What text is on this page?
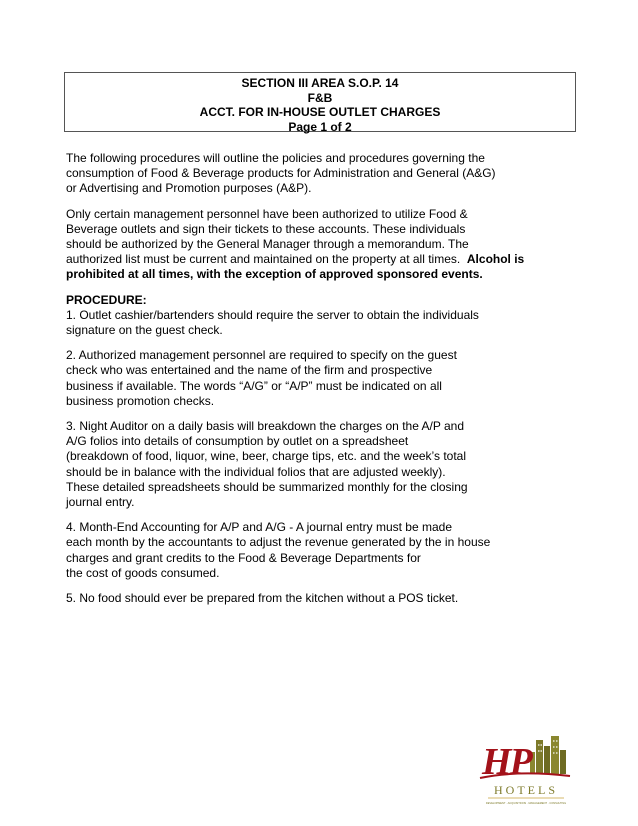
SECTION III AREA S.O.P. 14
F&B
ACCT. FOR IN-HOUSE OUTLET CHARGES
Page 1 of 2

The following procedures will outline the policies and procedures governing the
consumption of Food & Beverage products for Administration and General (A&G)
or Advertising and Promotion purposes (A&P).

Only certain management personnel have been authorized to utilize Food &
Beverage outlets and sign their tickets to these accounts. These individuals
should be authorized by the General Manager through a memorandum. The
authorized list must be current and maintained on the property at all times. Alcohol is
prohibited at all times, with the exception of approved sponsored events.

PROCEDURE:
1. Outlet cashier/bartenders should require the server to obtain the individuals
signature on the guest check.

2. Authorized management personnel are required to specify on the guest
check who was entertained and the name of the firm and prospective
business if available. The words “A/G” or “A/P” must be indicated on all
business promotion checks.

3. Night Auditor on a daily basis will breakdown the charges on the A/P and
A/G folios into details of consumption by outlet on a spreadsheet
(breakdown of food, liquor, wine, beer, charge tips, etc. and the week’s total
should be in balance with the individual folios that are adjusted weekly).
These detailed spreadsheets should be summarized monthly for the closing
journal entry.

4. Month-End Accounting for A/P and A/G - A journal entry must be made
each month by the accountants to adjust the revenue generated by the in house
charges and grant credits to the Food & Beverage Departments for
the cost of goods consumed.

5. No food should ever be prepared from the kitchen without a POS ticket.

HP
HOTELS
DEVELOPMENT · ACQUISITIONS · MANAGEMENT · CONSULTING
